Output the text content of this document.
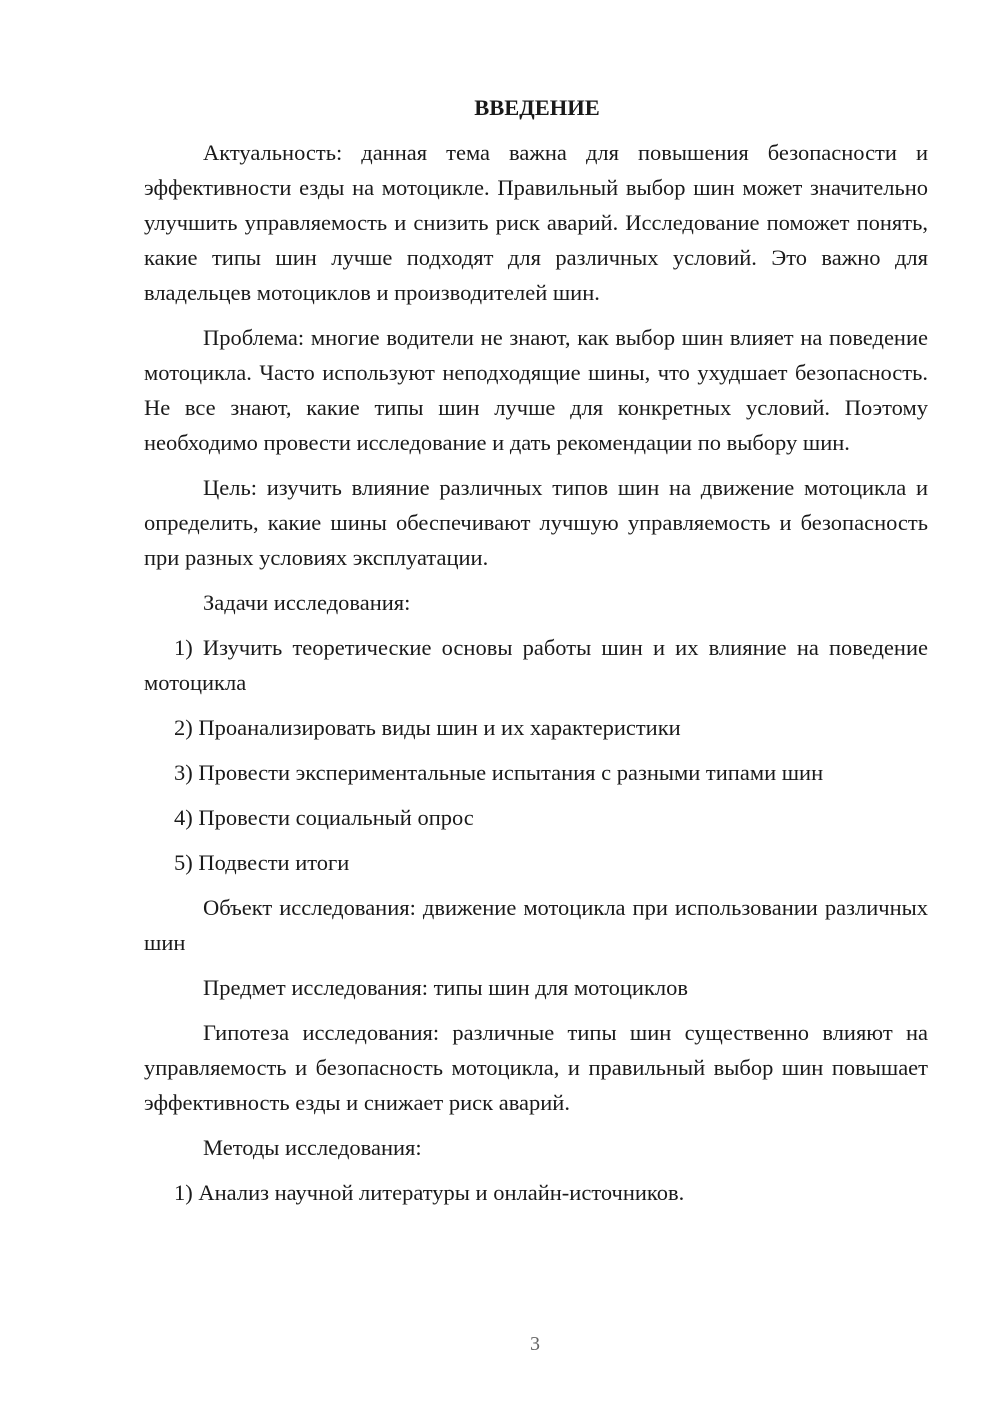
ВВЕДЕНИЕ

Актуальность: данная тема важна для повышения безопасности и эффективности езды на мотоцикле. Правильный выбор шин может значительно улучшить управляемость и снизить риск аварий. Исследование поможет понять, какие типы шин лучше подходят для различных условий. Это важно для владельцев мотоциклов и производителей шин.

Проблема: многие водители не знают, как выбор шин влияет на поведение мотоцикла. Часто используют неподходящие шины, что ухудшает безопасность. Не все знают, какие типы шин лучше для конкретных условий. Поэтому необходимо провести исследование и дать рекомендации по выбору шин.

Цель: изучить влияние различных типов шин на движение мотоцикла и определить, какие шины обеспечивают лучшую управляемость и безопасность при разных условиях эксплуатации.

Задачи исследования:

1) Изучить теоретические основы работы шин и их влияние на поведение мотоцикла

2) Проанализировать виды шин и их характеристики

3) Провести экспериментальные испытания с разными типами шин

4) Провести социальный опрос

5) Подвести итоги

Объект исследования: движение мотоцикла при использовании различных шин

Предмет исследования: типы шин для мотоциклов

Гипотеза исследования: различные типы шин существенно влияют на управляемость и безопасность мотоцикла, и правильный выбор шин повышает эффективность езды и снижает риск аварий.

Методы исследования:

1) Анализ научной литературы и онлайн-источников.

3
